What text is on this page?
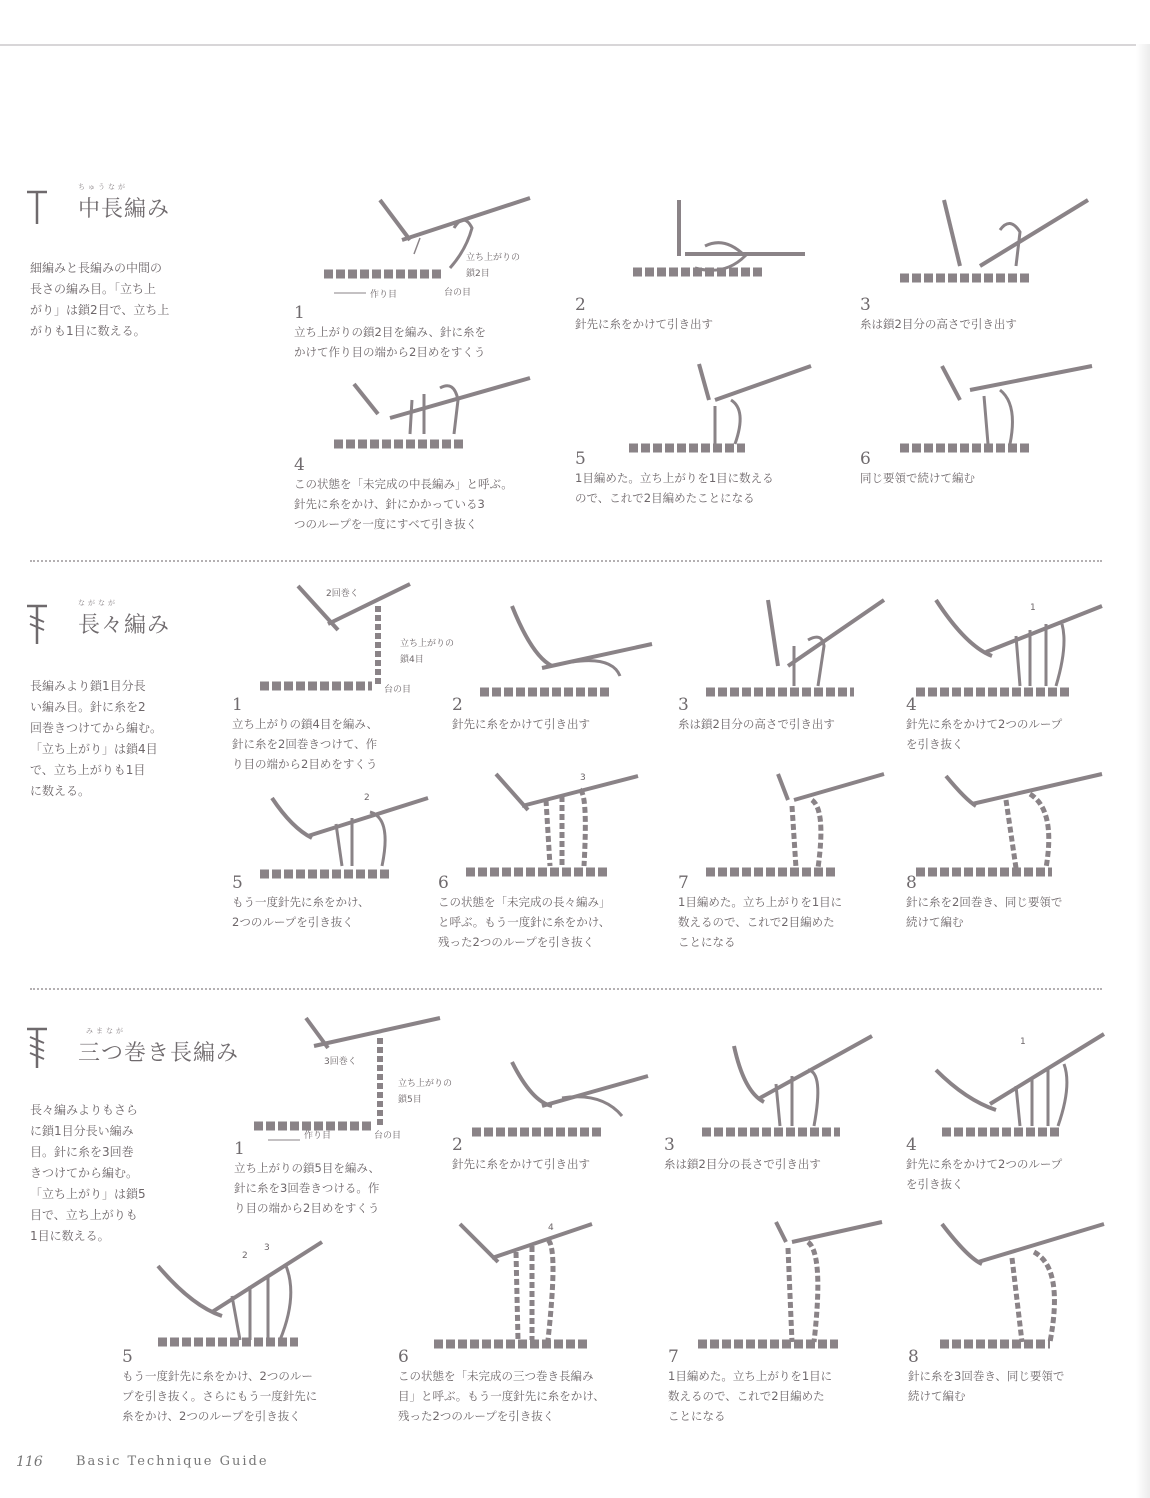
ちゅうなが
中長編み
細編みと長編みの中間の
長さの編み目。「立ち上
がり」は鎖2目で、立ち上
がりも1目に数える。
立ち上がりの
鎖2目
作り目	台の目
1
立ち上がりの鎖2目を編み、針に糸を
かけて作り目の端から2目めをすくう
2
針先に糸をかけて引き出す
3
糸は鎖2目分の高さで引き出す
4
この状態を「未完成の中長編み」と呼ぶ。
針先に糸をかけ、針にかかっている3
つのループを一度にすべて引き抜く
5
1目編めた。立ち上がりを1目に数える
ので、これで2目編めたことになる
6
同じ要領で続けて編む
ながなが
長々編み
長編みより鎖1目分長
い編み目。針に糸を2
回巻きつけてから編む。
「立ち上がり」は鎖4目
で、立ち上がりも1目
に数える。
2回巻く
立ち上がりの
鎖4目
台の目
1
立ち上がりの鎖4目を編み、
針に糸を2回巻きつけて、作
り目の端から2目めをすくう
2
針先に糸をかけて引き出す
3
糸は鎖2目分の高さで引き出す
1
4
針先に糸をかけて2つのループ
を引き抜く
2
5
もう一度針先に糸をかけ、
2つのループを引き抜く
3
6
この状態を「未完成の長々編み」
と呼ぶ。もう一度針に糸をかけ、
残った2つのループを引き抜く
7
1目編めた。立ち上がりを1目に
数えるので、これで2目編めた
ことになる
8
針に糸を2回巻き、同じ要領で
続けて編む
みまなが
三つ巻き長編み
長々編みよりもさら
に鎖1目分長い編み
目。針に糸を3回巻
きつけてから編む。
「立ち上がり」は鎖5
目で、立ち上がりも
1目に数える。
3回巻く
立ち上がりの
鎖5目
作り目	台の目
1
立ち上がりの鎖5目を編み、
針に糸を3回巻きつける。作
り目の端から2目めをすくう
2
針先に糸をかけて引き出す
3
糸は鎖2目分の長さで引き出す
1
4
針先に糸をかけて2つのループ
を引き抜く
2
3
5
もう一度針先に糸をかけ、2つのルー
プを引き抜く。さらにもう一度針先に
糸をかけ、2つのループを引き抜く
4
6
この状態を「未完成の三つ巻き長編み
目」と呼ぶ。もう一度針先に糸をかけ、
残った2つのループを引き抜く
7
1目編めた。立ち上がりを1目に
数えるので、これで2目編めた
ことになる
8
針に糸を3回巻き、同じ要領で
続けて編む
116	Basic Technique Guide
